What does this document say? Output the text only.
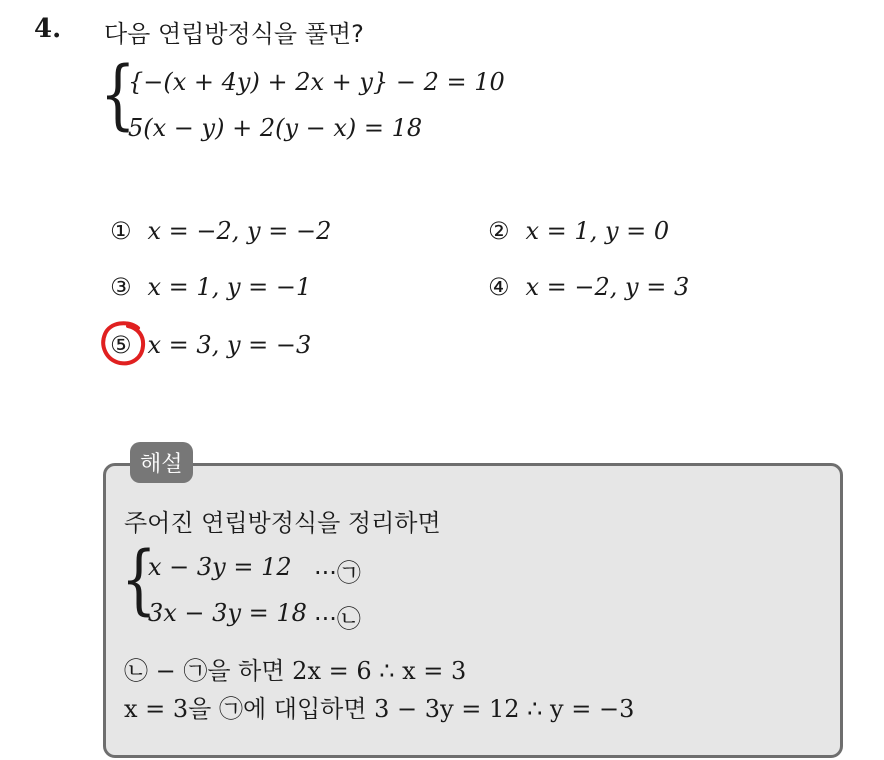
4. 다음 연립방정식을 풀면?
{
{−(x + 4y) + 2x + y} − 2 = 10
5(x − y) + 2(y − x) = 18
① x = −2, y = −2	② x = 1, y = 0
③ x = 1, y = −1	④ x = −2, y = 3
⑤ x = 3, y = −3
해설
주어진 연립방정식을 정리하면
{
x − 3y = 12 ···㉠
3x − 3y = 18 ···㉡
㉡ − ㉠을 하면 2x = 6 ∴ x = 3
x = 3을 ㉠에 대입하면 3 − 3y = 12 ∴ y = −3
